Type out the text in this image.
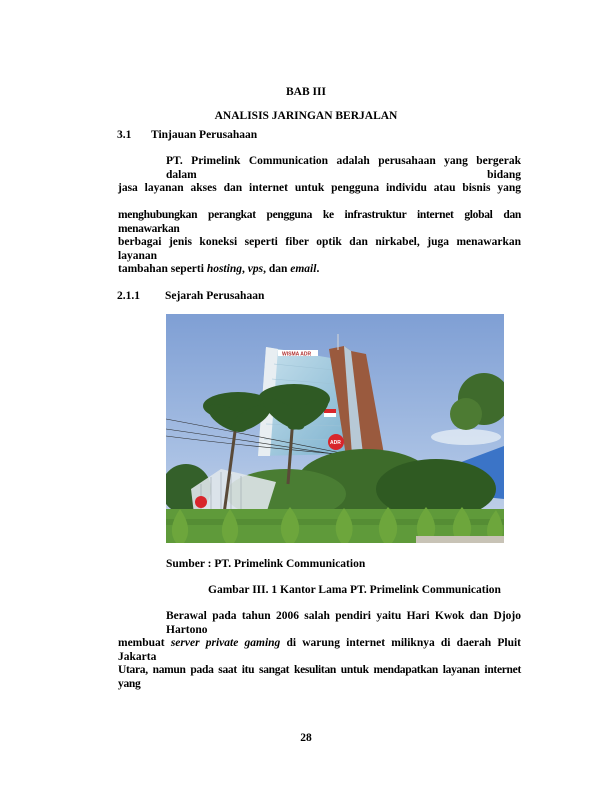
BAB III
ANALISIS JARINGAN BERJALAN
3.1 Tinjauan Perusahaan
PT. Primelink Communication adalah perusahaan yang bergerak dalam bidang
jasa layanan akses dan internet untuk pengguna individu atau bisnis yang
menghubungkan perangkat pengguna ke infrastruktur internet global dan menawarkan
berbagai jenis koneksi seperti fiber optik dan nirkabel, juga menawarkan layanan
tambahan seperti hosting, vps, dan email.
2.1.1 Sejarah Perusahaan
WISMA ADR
ADR
Sumber : PT. Primelink Communication
Gambar III. 1 Kantor Lama PT. Primelink Communication
Berawal pada tahun 2006 salah pendiri yaitu Hari Kwok dan Djojo Hartono
membuat server private gaming di warung internet miliknya di daerah Pluit Jakarta
Utara, namun pada saat itu sangat kesulitan untuk mendapatkan layanan internet yang
28
